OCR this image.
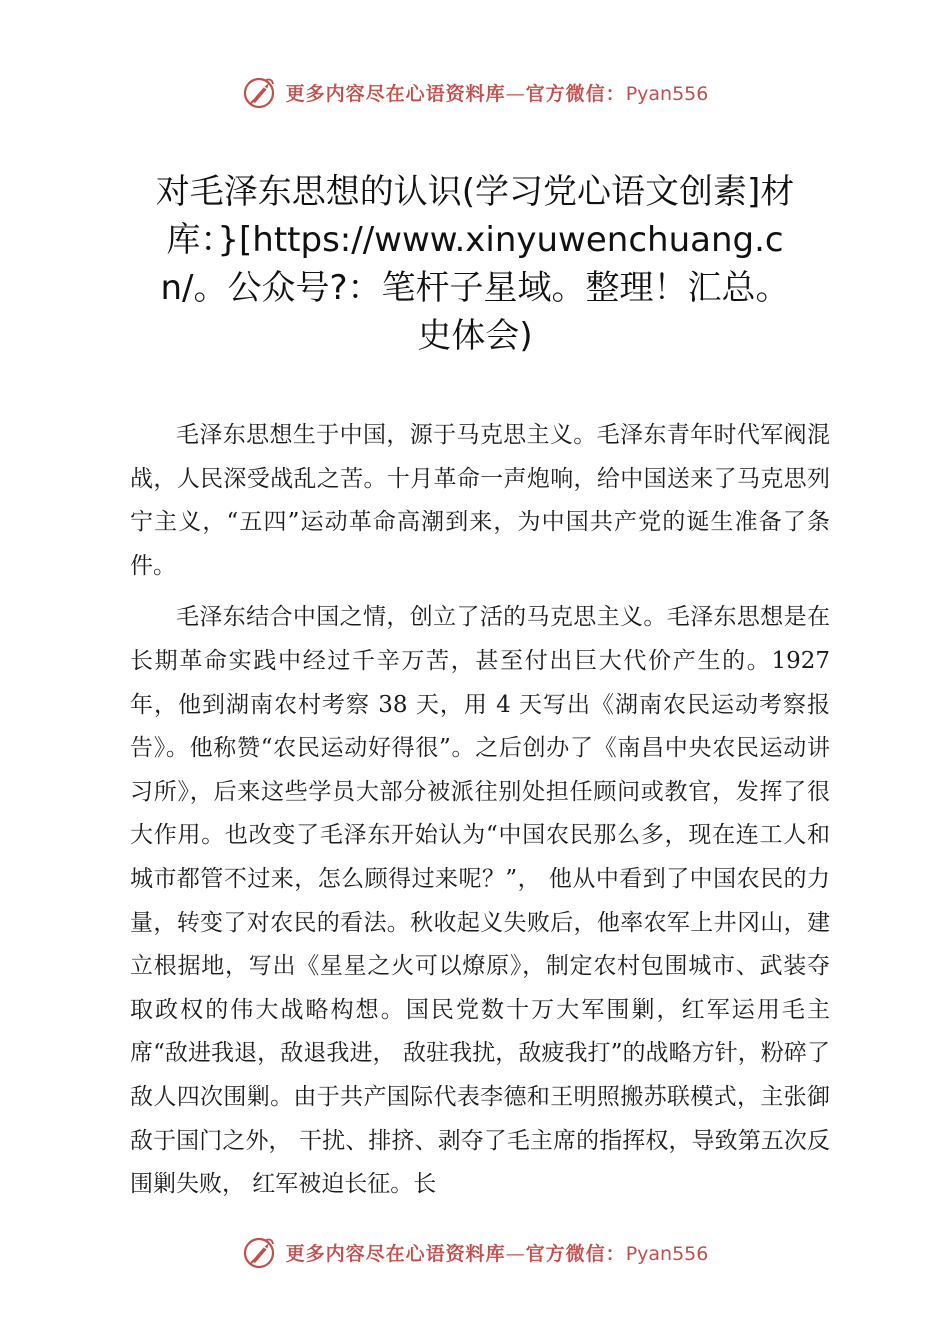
更多内容尽在心语资料库—官方微信：Pyan556
对毛泽东思想的认识(学习党心语文创素]材库：}[https://www.xinyuwenchuang.cn/。公众号?：笔杆子星域。整理！汇总。史体会)

毛泽东思想生于中国，源于马克思主义。毛泽东青年时代军阀混战，人民深受战乱之苦。十月革命一声炮响，给中国送来了马克思列宁主义，“五四”运动革命高潮到来，为中国共产党的诞生准备了条件。

毛泽东结合中国之情，创立了活的马克思主义。毛泽东思想是在长期革命实践中经过千辛万苦，甚至付出巨大代价产生的。1927 年，他到湖南农村考察 38 天，用 4 天写出《湖南农民运动考察报告》。他称赞“农民运动好得很”。之后创办了《南昌中央农民运动讲习所》，后来这些学员大部分被派往别处担任顾问或教官，发挥了很大作用。也改变了毛泽东开始认为“中国农民那么多，现在连工人和城市都管不过来，怎么顾得过来呢？”， 他从中看到了中国农民的力量，转变了对农民的看法。秋收起义失败后，他率农军上井冈山，建立根据地，写出《星星之火可以燎原》，制定农村包围城市、武装夺取政权的伟大战略构想。国民党数十万大军围剿，红军运用毛主席“敌进我退，敌退我进， 敌驻我扰，敌疲我打”的战略方针，粉碎了敌人四次围剿。由于共产国际代表李德和王明照搬苏联模式，主张御敌于国门之外， 干扰、排挤、剥夺了毛主席的指挥权，导致第五次反围剿失败， 红军被迫长征。长

更多内容尽在心语资料库—官方微信：Pyan556
